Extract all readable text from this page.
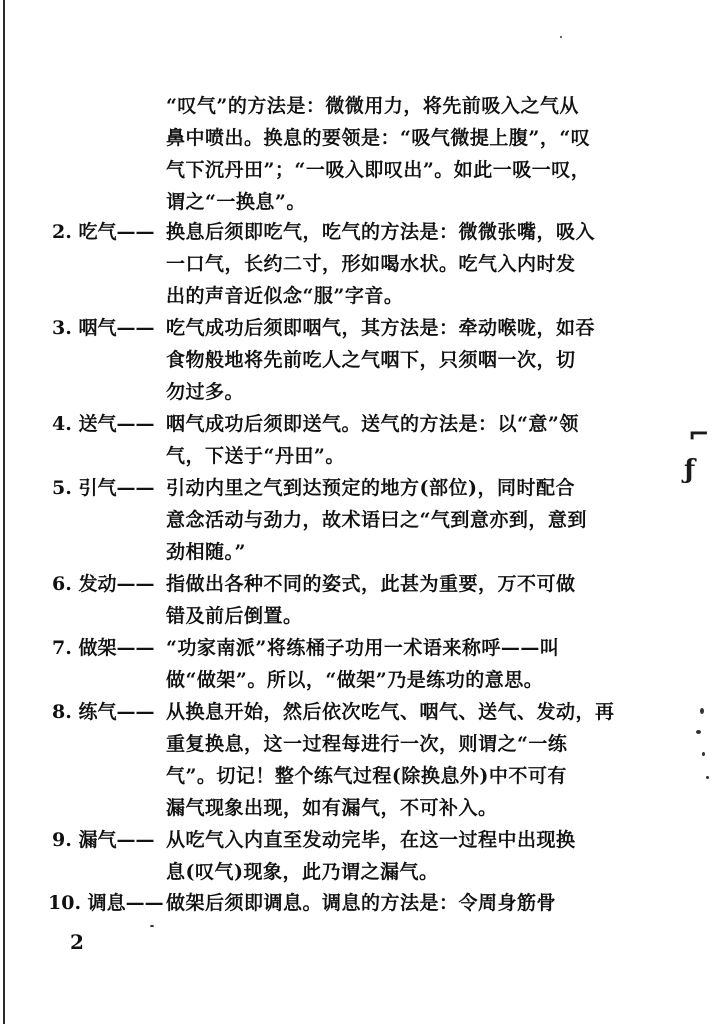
“叹气”的方法是：微微用力，将先前吸入之气从
鼻中喷出。换息的要领是：“吸气微提上腹”，“叹
气下沉丹田”；“一吸入即叹出”。如此一吸一叹，
谓之“一换息”。
2. 吃气—— 换息后须即吃气，吃气的方法是：微微张嘴，吸入
一口气，长约二寸，形如喝水状。吃气入内时发
出的声音近似念“服”字音。
3. 咽气—— 吃气成功后须即咽气，其方法是：牵动喉咙，如吞
食物般地将先前吃人之气咽下，只须咽一次，切
勿过多。
4. 送气—— 咽气成功后须即送气。送气的方法是：以“意”领
气，下送于“丹田”。
5. 引气—— 引动内里之气到达预定的地方(部位)，同时配合
意念活动与劲力，故术语曰之“气到意亦到，意到
劲相随。”
6. 发动—— 指做出各种不同的姿式，此甚为重要，万不可做
错及前后倒置。
7. 做架—— “功家南派”将练桶子功用一术语来称呼——叫
做“做架”。所以，“做架”乃是练功的意思。
8. 练气—— 从换息开始，然后依次吃气、咽气、送气、发动，再
重复换息，这一过程每进行一次，则谓之“一练
气”。切记！整个练气过程(除换息外)中不可有
漏气现象出现，如有漏气，不可补入。
9. 漏气—— 从吃气入内直至发动完毕，在这一过程中出现换
息(叹气)现象，此乃谓之漏气。
10. 调息—— 做架后须即调息。调息的方法是：令周身筋骨
2
⌐
ƒ
